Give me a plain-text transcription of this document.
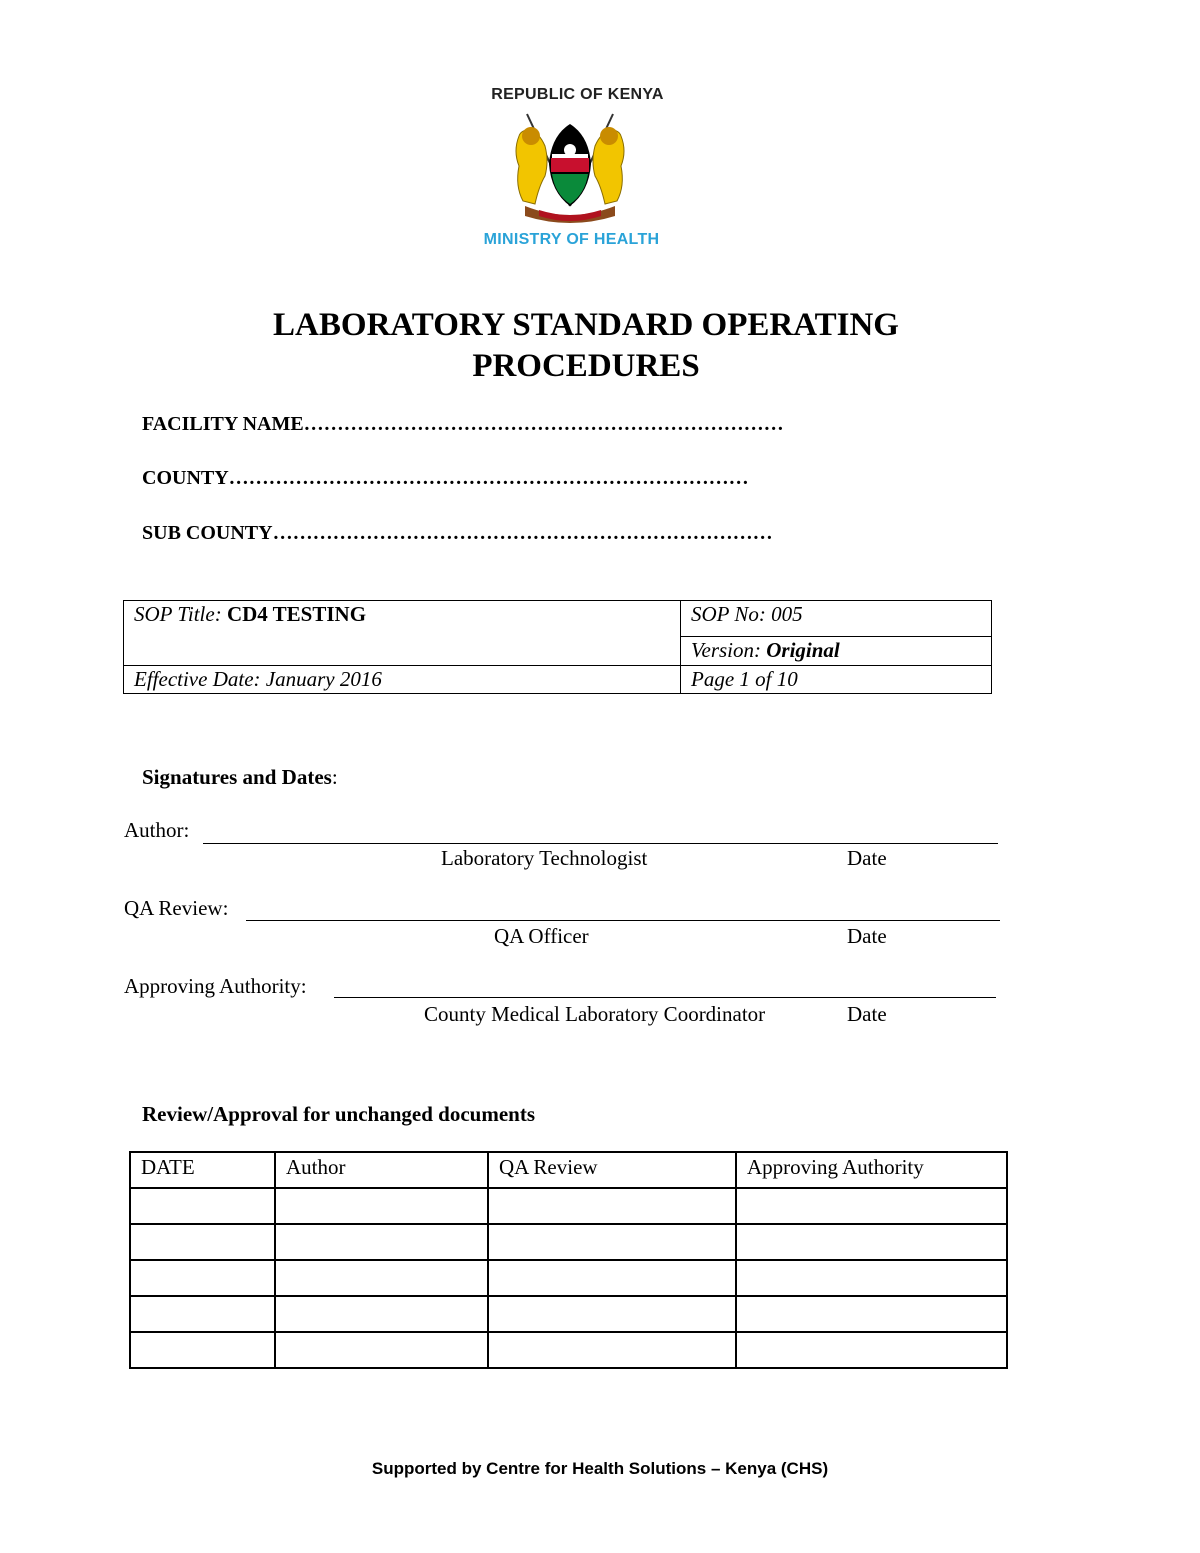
REPUBLIC OF KENYA
MINISTRY OF HEALTH
LABORATORY STANDARD OPERATING
PROCEDURES
FACILITY NAME………………………………………………………………
COUNTY……………………………………………………………………
SUB COUNTY…………………………………………………………………
SOP Title: CD4 TESTING	SOP No: 005
	Version: Original
Effective Date: January 2016	Page 1 of 10
Signatures and Dates:
Author:
Laboratory Technologist	Date
QA Review:
QA Officer	Date
Approving Authority:
County Medical Laboratory Coordinator	Date
Review/Approval for unchanged documents
DATE	Author	QA Review	Approving Authority

Supported by Centre for Health Solutions – Kenya (CHS)
